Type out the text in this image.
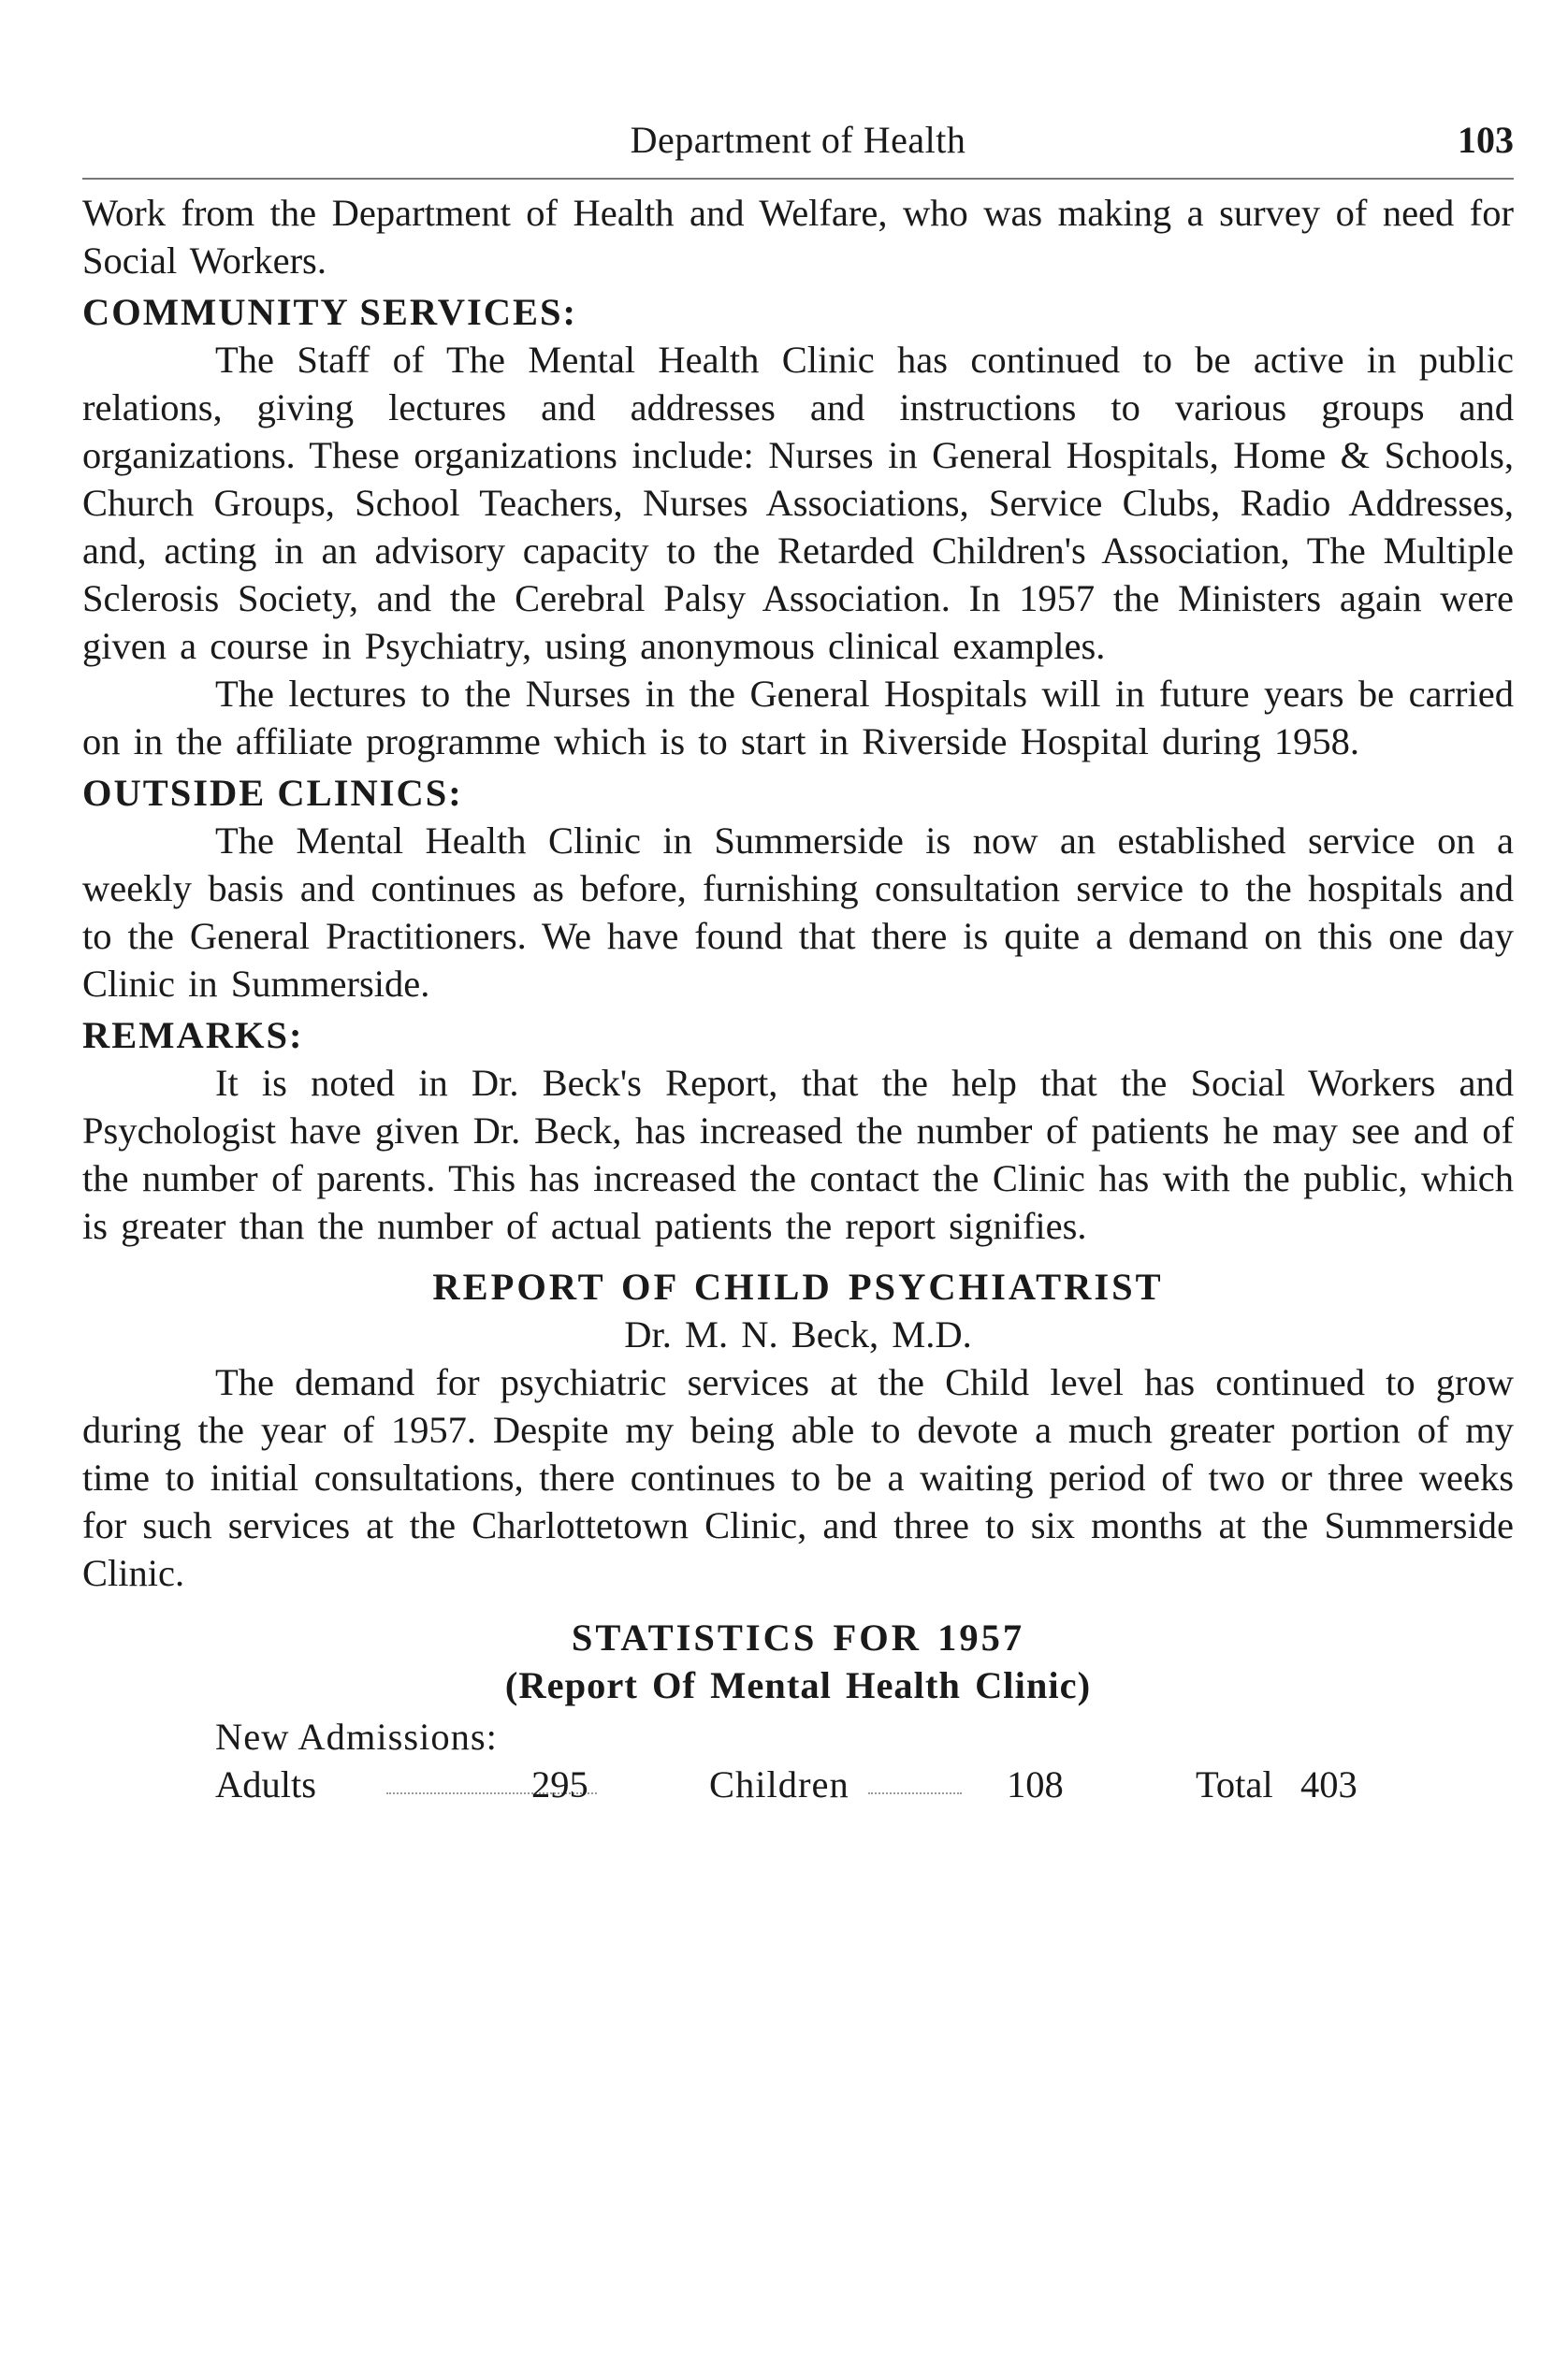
Department of Health	103

Work from the Department of Health and Welfare, who was making a survey of need for Social Workers.

COMMUNITY SERVICES:

The Staff of The Mental Health Clinic has continued to be active in public relations, giving lectures and addresses and instructions to various groups and organizations. These organizations include: Nurses in General Hospitals, Home & Schools, Church Groups, School Teachers, Nurses Associations, Service Clubs, Radio Addresses, and, acting in an advisory capacity to the Retarded Children's Association, The Multiple Sclerosis Society, and the Cerebral Palsy Association. In 1957 the Ministers again were given a course in Psychiatry, using anonymous clinical examples.

The lectures to the Nurses in the General Hospitals will in future years be carried on in the affiliate programme which is to start in Riverside Hospital during 1958.

OUTSIDE CLINICS:

The Mental Health Clinic in Summerside is now an established service on a weekly basis and continues as before, furnishing consultation service to the hospitals and to the General Practitioners. We have found that there is quite a demand on this one day Clinic in Summerside.

REMARKS:

It is noted in Dr. Beck's Report, that the help that the Social Workers and Psychologist have given Dr. Beck, has increased the number of patients he may see and of the number of parents. This has increased the contact the Clinic has with the public, which is greater than the number of actual patients the report signifies.

REPORT OF CHILD PSYCHIATRIST

Dr. M. N. Beck, M.D.

The demand for psychiatric services at the Child level has continued to grow during the year of 1957. Despite my being able to devote a much greater portion of my time to initial consultations, there continues to be a waiting period of two or three weeks for such services at the Charlottetown Clinic, and three to six months at the Summerside Clinic.

STATISTICS FOR 1957

(Report Of Mental Health Clinic)

New Admissions:
Adults	295	Children	108	Total 403
